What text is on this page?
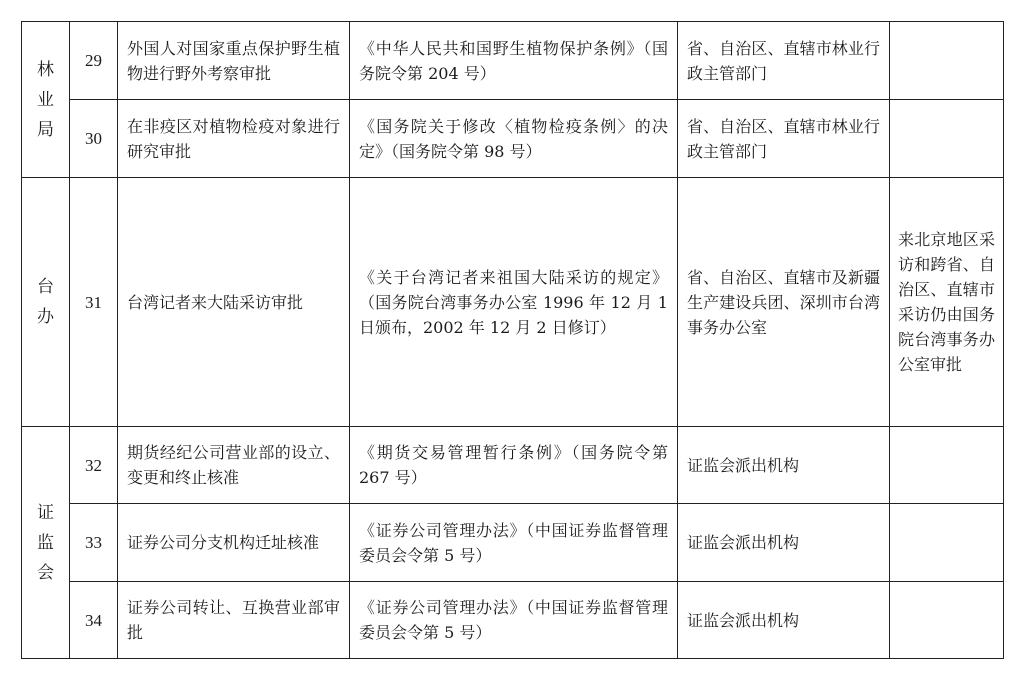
林
业
局	29	外国人对国家重点保护野生植物进行野外考察审批	《中华人民共和国野生植物保护条例》（国务院令第 204 号）	省、自治区、直辖市林业行政主管部门	
	30	在非疫区对植物检疫对象进行研究审批	《国务院关于修改〈植物检疫条例〉的决定》（国务院令第 98 号）	省、自治区、直辖市林业行政主管部门	

台
办	31	台湾记者来大陆采访审批	《关于台湾记者来祖国大陆采访的规定》（国务院台湾事务办公室 1996 年 12 月 1 日颁布，2002 年 12 月 2 日修订）	省、自治区、直辖市及新疆生产建设兵团、深圳市台湾事务办公室	来北京地区采访和跨省、自治区、直辖市采访仍由国务院台湾事务办公室审批

证
监
会	32	期货经纪公司营业部的设立、变更和终止核准	《期货交易管理暂行条例》（国务院令第 267 号）	证监会派出机构	
	33	证券公司分支机构迁址核准	《证券公司管理办法》（中国证券监督管理委员会令第 5 号）	证监会派出机构	
	34	证券公司转让、互换营业部审批	《证券公司管理办法》（中国证券监督管理委员会令第 5 号）	证监会派出机构	
